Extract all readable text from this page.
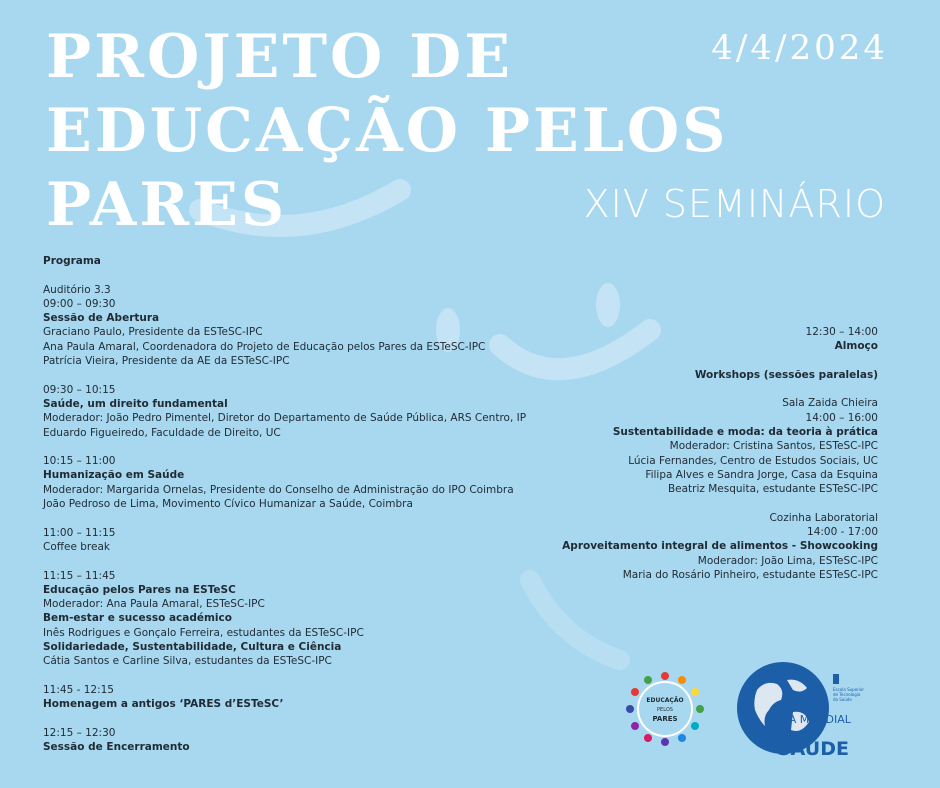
PROJETO DE
EDUCAÇÃO PELOS
PARES
4/4/2024
XIV SEMINÁRIO
Programa
Auditório 3.3
09:00 – 09:30
Sessão de Abertura
Graciano Paulo, Presidente da ESTeSC-IPC
Ana Paula Amaral, Coordenadora do Projeto de Educação pelos Pares da ESTeSC-IPC
Patrícia Vieira, Presidente da AE da ESTeSC-IPC
09:30 – 10:15
Saúde, um direito fundamental
Moderador: João Pedro Pimentel, Diretor do Departamento de Saúde Pública, ARS Centro, IP
Eduardo Figueiredo, Faculdade de Direito, UC
10:15 – 11:00
Humanização em Saúde
Moderador: Margarida Ornelas, Presidente do Conselho de Administração do IPO Coimbra
João Pedroso de Lima, Movimento Cívico Humanizar a Saúde, Coimbra
11:00 – 11:15
Coffee break
11:15 – 11:45
Educação pelos Pares na ESTeSC
Moderador: Ana Paula Amaral, ESTeSC-IPC
Bem-estar e sucesso académico
Inês Rodrigues e Gonçalo Ferreira, estudantes da ESTeSC-IPC
Solidariedade, Sustentabilidade, Cultura e Ciência
Cátia Santos e Carline Silva, estudantes da ESTeSC-IPC
11:45 - 12:15
Homenagem a antigos ‘PARES d’ESTeSC’
12:15 – 12:30
Sessão de Encerramento
12:30 – 14:00
Almoço
Workshops (sessões paralelas)
Sala Zaida Chieira
14:00 – 16:00
Sustentabilidade e moda: da teoria à prática
Moderador: Cristina Santos, ESTeSC-IPC
Lúcia Fernandes, Centro de Estudos Sociais, UC
Filipa Alves e Sandra Jorge, Casa da Esquina
Beatriz Mesquita, estudante ESTeSC-IPC
Cozinha Laboratorial
14:00 - 17:00
Aproveitamento integral de alimentos - Showcooking
Moderador: João Lima, ESTeSC-IPC
Maria do Rosário Pinheiro, estudante ESTeSC-IPC
EDUCAÇÃO
PELOS
PARES
Escola Superior
de Tecnologia
da Saúde
DIA MUNDIAL
DA
SAÚDE
